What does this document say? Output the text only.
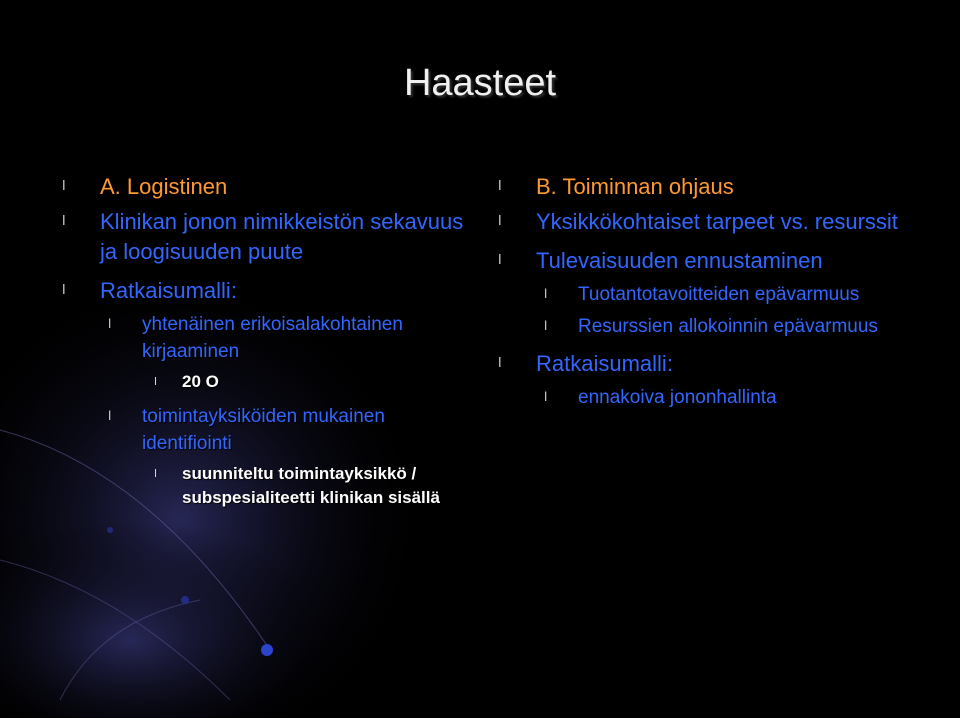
Haasteet
l A. Logistinen
l Klinikan jonon nimikkeistön sekavuus ja loogisuuden puute
l Ratkaisumalli:
l yhtenäinen erikoisalakohtainen kirjaaminen
l 20 O
l toimintayksiköiden mukainen identifiointi
l suunniteltu toimintayksikkö / subspesialiteetti klinikan sisällä
l B. Toiminnan ohjaus
l Yksikkökohtaiset tarpeet vs. resurssit
l Tulevaisuuden ennustaminen
l Tuotantotavoitteiden epävarmuus
l Resurssien allokoinnin epävarmuus
l Ratkaisumalli:
l ennakoiva jononhallinta
